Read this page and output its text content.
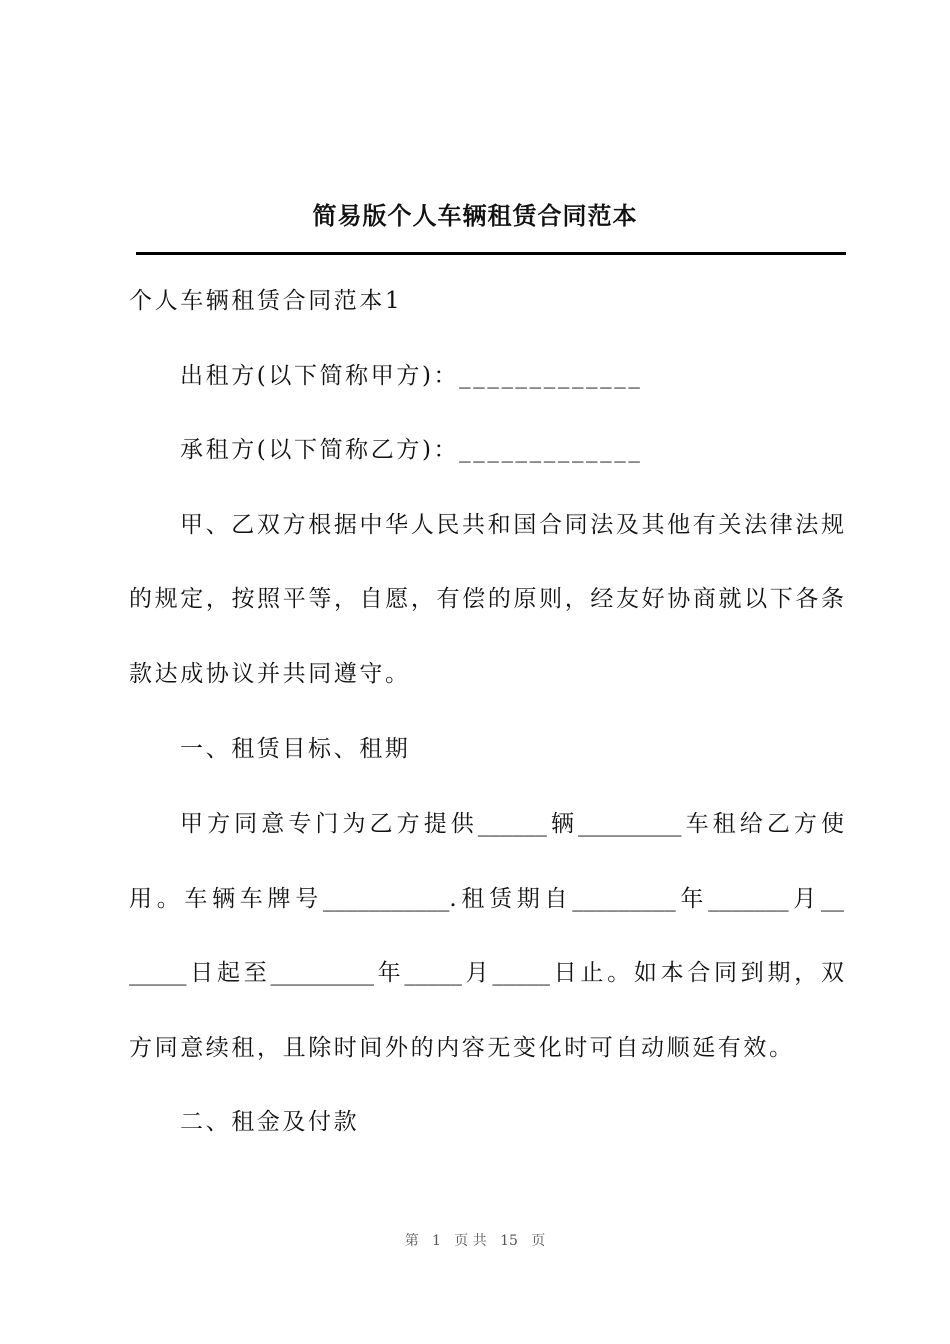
简易版个人车辆租赁合同范本
个人车辆租赁合同范本1
出租方(以下简称甲方)：_____________
承租方(以下简称乙方)：_____________
甲、乙双方根据中华人民共和国合同法及其他有关法律法规
的规定，按照平等，自愿，有偿的原则，经友好协商就以下各条
款达成协议并共同遵守。
一、租赁目标、租期
甲方同意专门为乙方提供______辆_________车租给乙方使
用。车辆车牌号___________.租赁期自_________年_______月__
_____日起至_________年_____月_____日止。如本合同到期，双
方同意续租，且除时间外的内容无变化时可自动顺延有效。
二、租金及付款
第   1   页 共   15   页
